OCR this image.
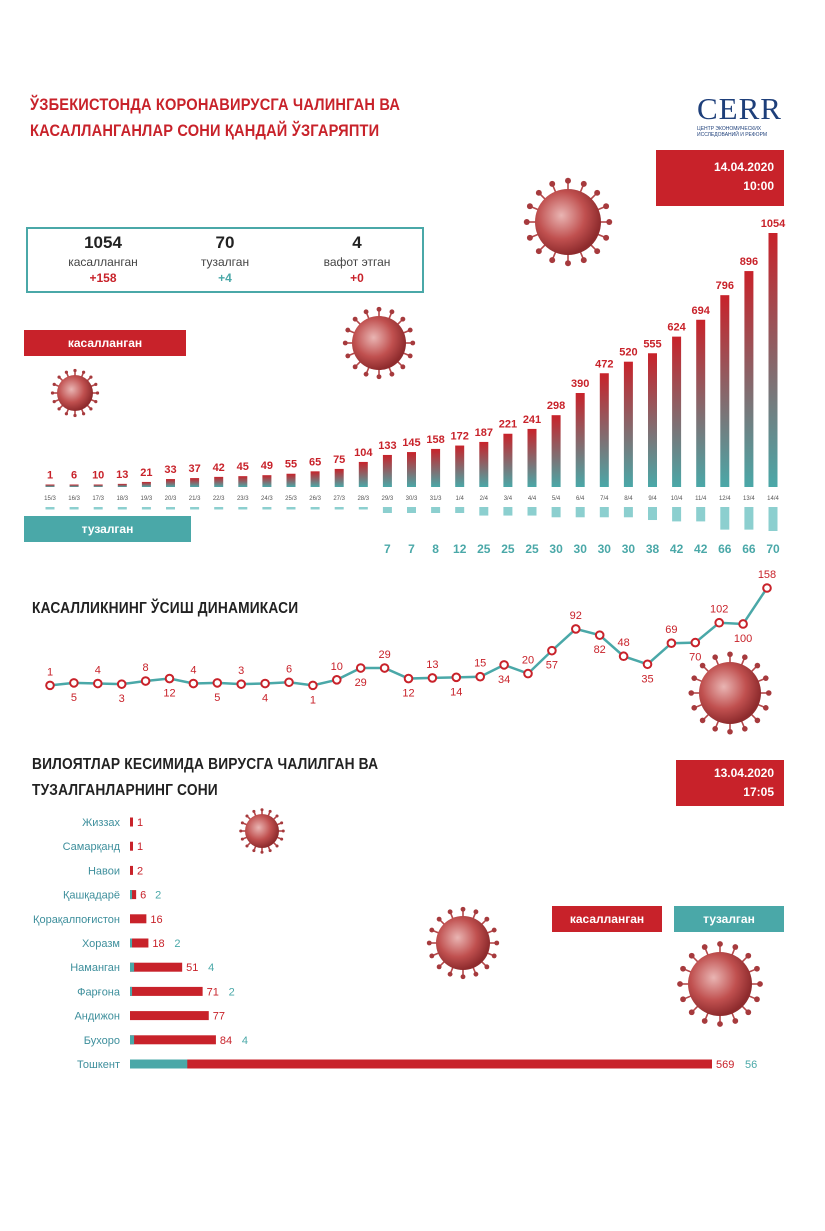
ЎЗБЕКИСТОНДА КОРОНАВИРУСГА ЧАЛИНГАН ВА
КАСАЛЛАНГАНЛАР СОНИ ҚАНДАЙ ЎЗГАРЯПТИ
CERR
ЦЕНТР ЭКОНОМИЧЕСКИХ ИССЛЕДОВАНИЙ И РЕФОРМ
14.04.2020
10:00
1054
касалланган
+158
70
тузалган
+4
4
вафот этган
+0
касалланган
тузалган
КАСАЛЛИКНИНГ ЎСИШ ДИНАМИКАСИ
ВИЛОЯТЛАР КЕСИМИДА ВИРУСГА ЧАЛИЛГАН ВА
ТУЗАЛГАНЛАРНИНГ СОНИ
13.04.2020
17:05
касалланган	тузалган
1
15/3
6
16/3
10
17/3
13
18/3
21
19/3
33
20/3
37
21/3
42
22/3
45
23/3
49
24/3
55
25/3
65
26/3
75
27/3
104
28/3
133
29/3
7
145
30/3
7
158
31/3
8
172
1/4
12
187
2/4
25
221
3/4
25
241
4/4
25
298
5/4
30
390
6/4
30
472
7/4
30
520
8/4
30
555
9/4
38
624
10/4
42
694
11/4
42
796
12/4
66
896
13/4
66
1054
14/4
70
1
5
4
3
8
12
4
5
3
4
6
1
10
29
29
12
13
14
15
34
20 57
92
82
48
35
69
70
102
100
158
Жиззах 1
Самарқанд 1
Навои 2
Қашқадарё 6 2
Қорақалпоғистон	16
Хоразм	18 2
Наманган	51 4
Фарғона	71 2
Андижон	77
Бухоро	84 4
Тошкент	569 56
